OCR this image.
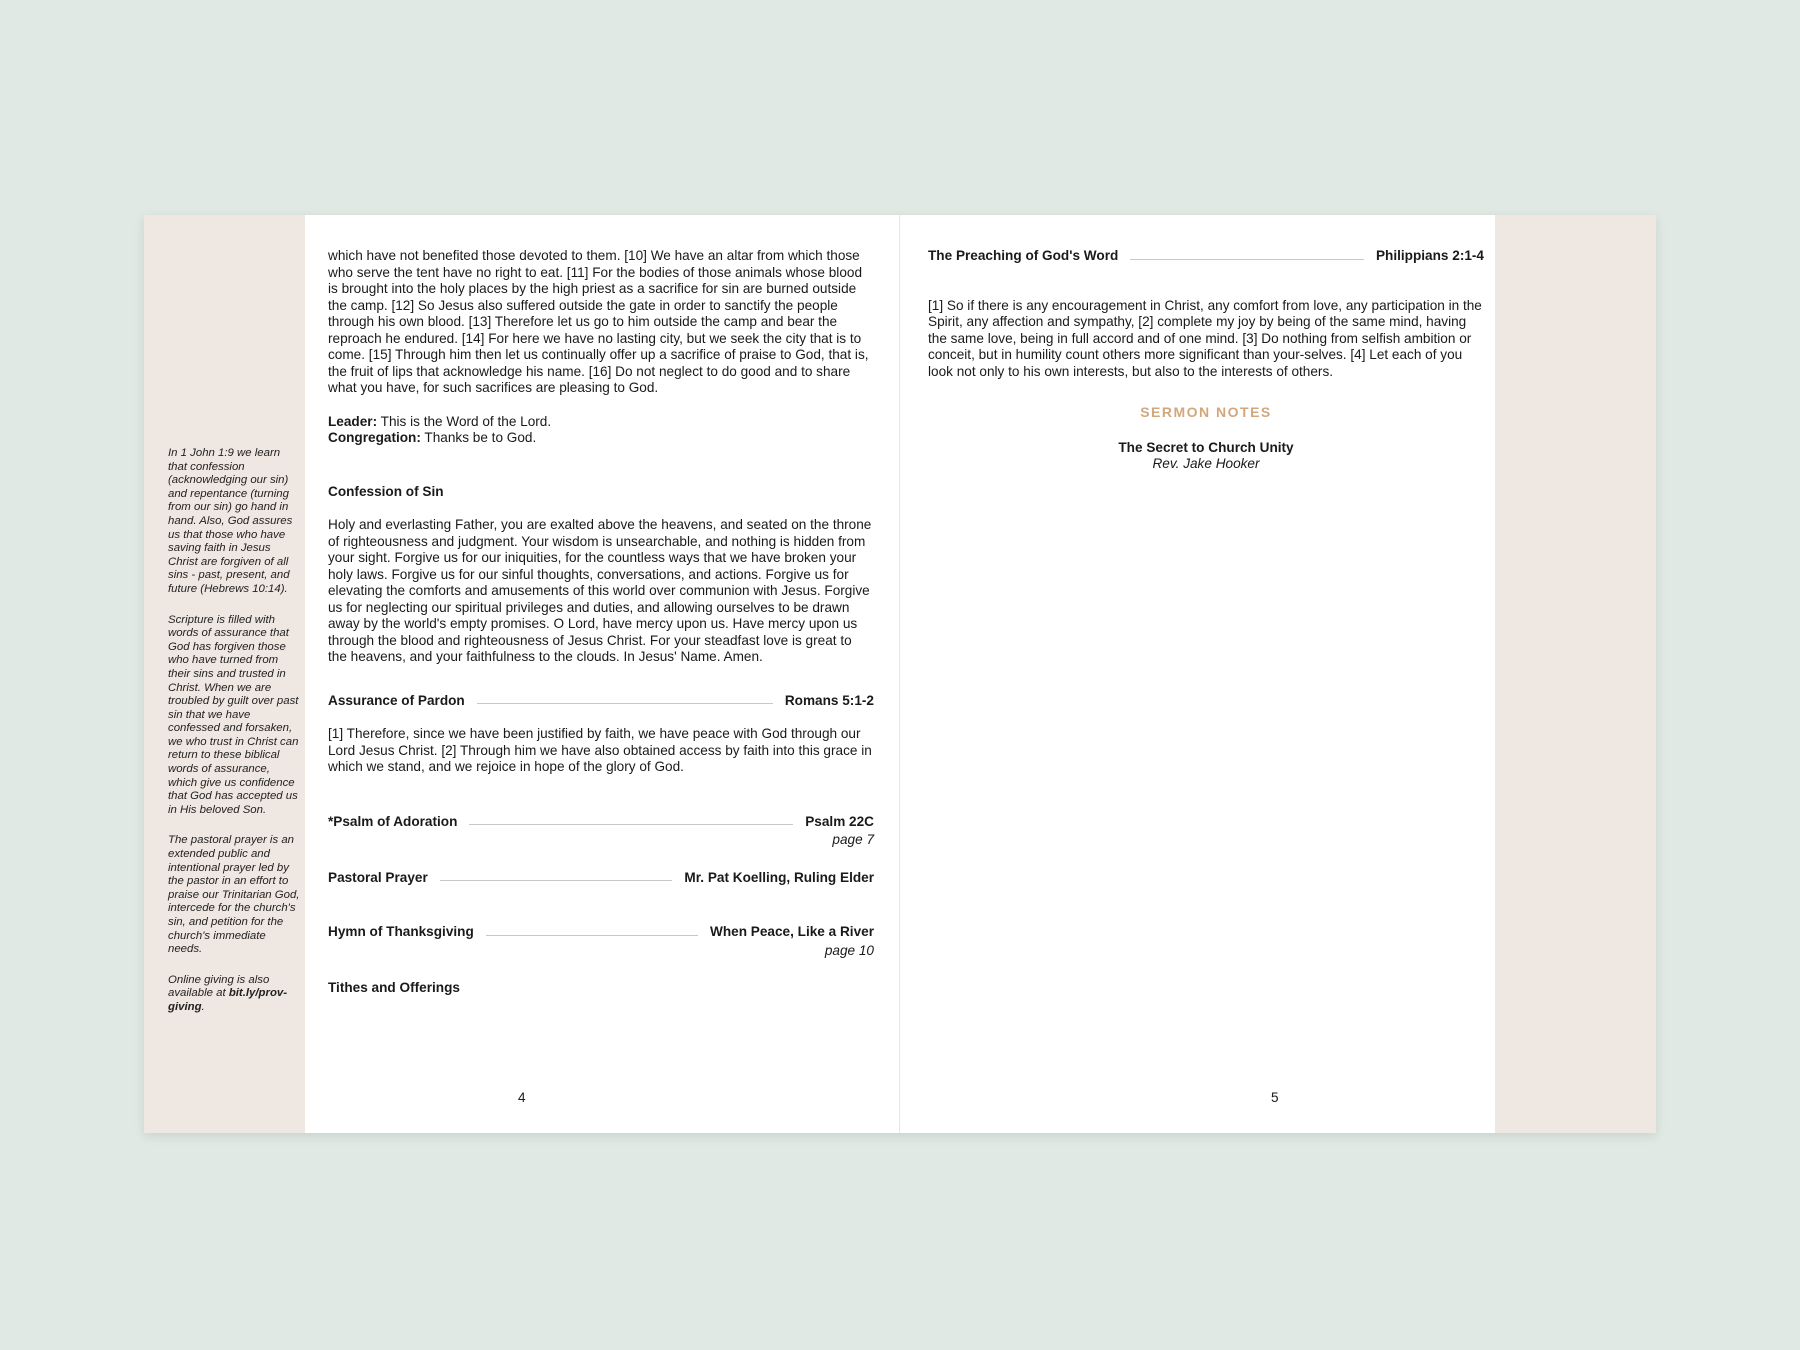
In 1 John 1:9 we learn that confession (acknowledging our sin) and repentance (turning from our sin) go hand in hand. Also, God assures us that those who have saving faith in Jesus Christ are forgiven of all sins - past, present, and future (Hebrews 10:14).

Scripture is filled with words of assurance that God has forgiven those who have turned from their sins and trusted in Christ. When we are troubled by guilt over past sin that we have confessed and forsaken, we who trust in Christ can return to these biblical words of assurance, which give us confidence that God has accepted us in His beloved Son.

The pastoral prayer is an extended public and intentional prayer led by the pastor in an effort to praise our Trinitarian God, intercede for the church's sin, and petition for the church's immediate needs.

Online giving is also available at bit.ly/prov-giving.

which have not benefited those devoted to them. [10] We have an altar from which those who serve the tent have no right to eat. [11] For the bodies of those animals whose blood is brought into the holy places by the high priest as a sacrifice for sin are burned outside the camp. [12] So Jesus also suffered outside the gate in order to sanctify the people through his own blood. [13] Therefore let us go to him outside the camp and bear the reproach he endured. [14] For here we have no lasting city, but we seek the city that is to come. [15] Through him then let us continually offer up a sacrifice of praise to God, that is, the fruit of lips that acknowledge his name. [16] Do not neglect to do good and to share what you have, for such sacrifices are pleasing to God.

Leader: This is the Word of the Lord.
Congregation: Thanks be to God.
Confession of Sin

Holy and everlasting Father, you are exalted above the heavens, and seated on the throne of righteousness and judgment. Your wisdom is unsearchable, and nothing is hidden from your sight. Forgive us for our iniquities, for the countless ways that we have broken your holy laws. Forgive us for our sinful thoughts, conversations, and actions. Forgive us for elevating the comforts and amusements of this world over communion with Jesus. Forgive us for neglecting our spiritual privileges and duties, and allowing ourselves to be drawn away by the world's empty promises. O Lord, have mercy upon us. Have mercy upon us through the blood and righteousness of Jesus Christ. For your steadfast love is great to the heavens, and your faithfulness to the clouds. In Jesus' Name. Amen.

Assurance of Pardon	Romans 5:1-2

[1] Therefore, since we have been justified by faith, we have peace with God through our Lord Jesus Christ. [2] Through him we have also obtained access by faith into this grace in which we stand, and we rejoice in hope of the glory of God.

*Psalm of Adoration	Psalm 22C
page 7
Pastoral Prayer	Mr. Pat Koelling, Ruling Elder
Hymn of Thanksgiving	When Peace, Like a River
page 10
Tithes and Offerings
The Preaching of God's Word	Philippians 2:1-4

[1] So if there is any encouragement in Christ, any comfort from love, any participation in the Spirit, any affection and sympathy, [2] complete my joy by being of the same mind, having the same love, being in full accord and of one mind. [3] Do nothing from selfish ambition or conceit, but in humility count others more significant than your-selves. [4] Let each of you look not only to his own interests, but also to the interests of others.

SERMON NOTES
The Secret to Church Unity
Rev. Jake Hooker
4	5
